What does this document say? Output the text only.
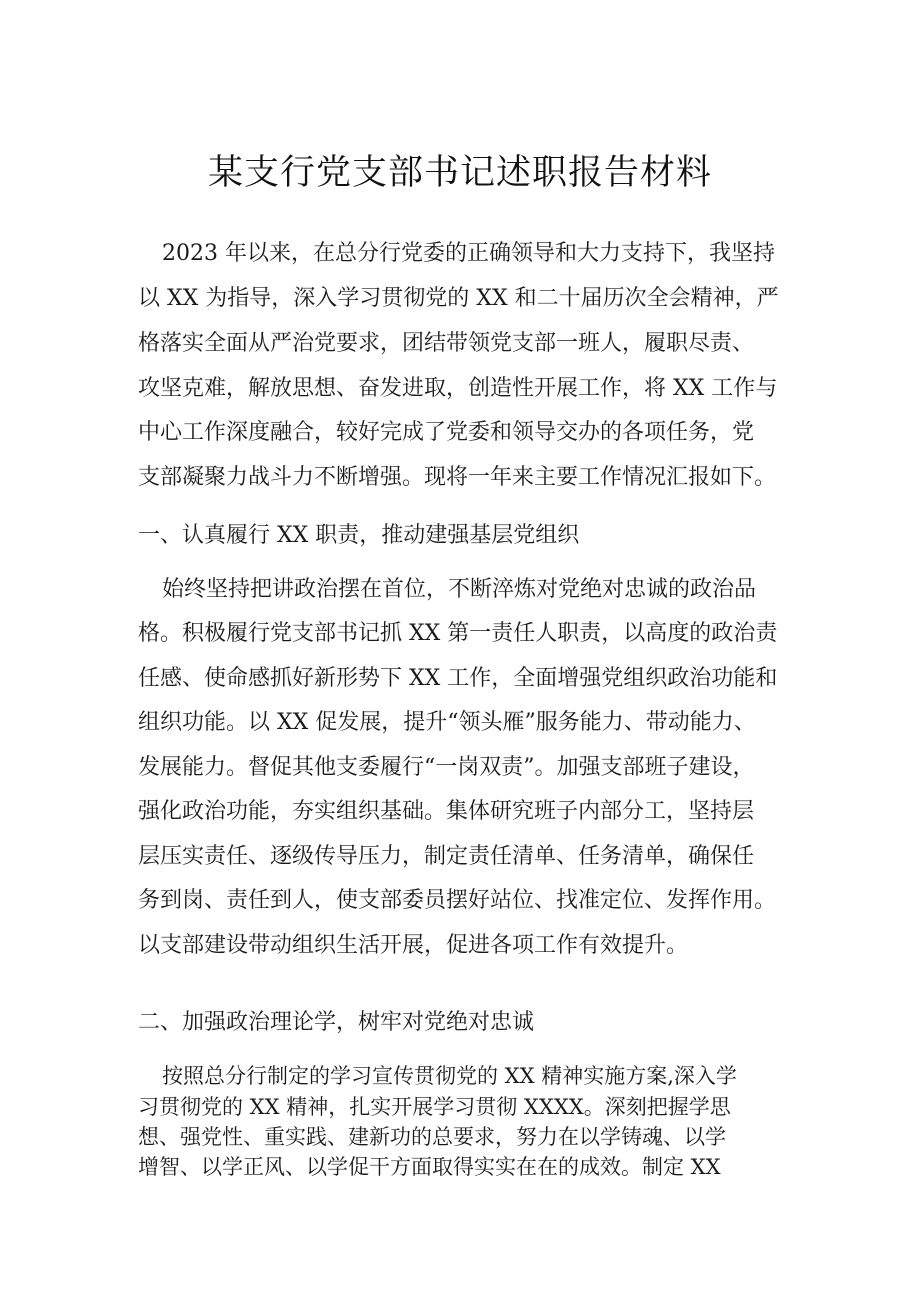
某支行党支部书记述职报告材料
2023 年以来，在总分行党委的正确领导和大力支持下，我坚持
以 XX 为指导，深入学习贯彻党的 XX 和二十届历次全会精神，严
格落实全面从严治党要求，团结带领党支部一班人，履职尽责、
攻坚克难，解放思想、奋发进取，创造性开展工作，将 XX 工作与
中心工作深度融合，较好完成了党委和领导交办的各项任务，党
支部凝聚力战斗力不断增强。现将一年来主要工作情况汇报如下。
一、认真履行 XX 职责，推动建强基层党组织
始终坚持把讲政治摆在首位，不断淬炼对党绝对忠诚的政治品
格。积极履行党支部书记抓 XX 第一责任人职责，以高度的政治责
任感、使命感抓好新形势下 XX 工作，全面增强党组织政治功能和
组织功能。以 XX 促发展，提升“领头雁”服务能力、带动能力、
发展能力。督促其他支委履行“一岗双责”。加强支部班子建设，
强化政治功能，夯实组织基础。集体研究班子内部分工，坚持层
层压实责任、逐级传导压力，制定责任清单、任务清单，确保任
务到岗、责任到人，使支部委员摆好站位、找准定位、发挥作用。
以支部建设带动组织生活开展，促进各项工作有效提升。
二、加强政治理论学，树牢对党绝对忠诚
按照总分行制定的学习宣传贯彻党的 XX 精神实施方案,深入学
习贯彻党的 XX 精神，扎实开展学习贯彻 XXXX。深刻把握学思
想、强党性、重实践、建新功的总要求，努力在以学铸魂、以学
增智、以学正风、以学促干方面取得实实在在的成效。制定 XX
